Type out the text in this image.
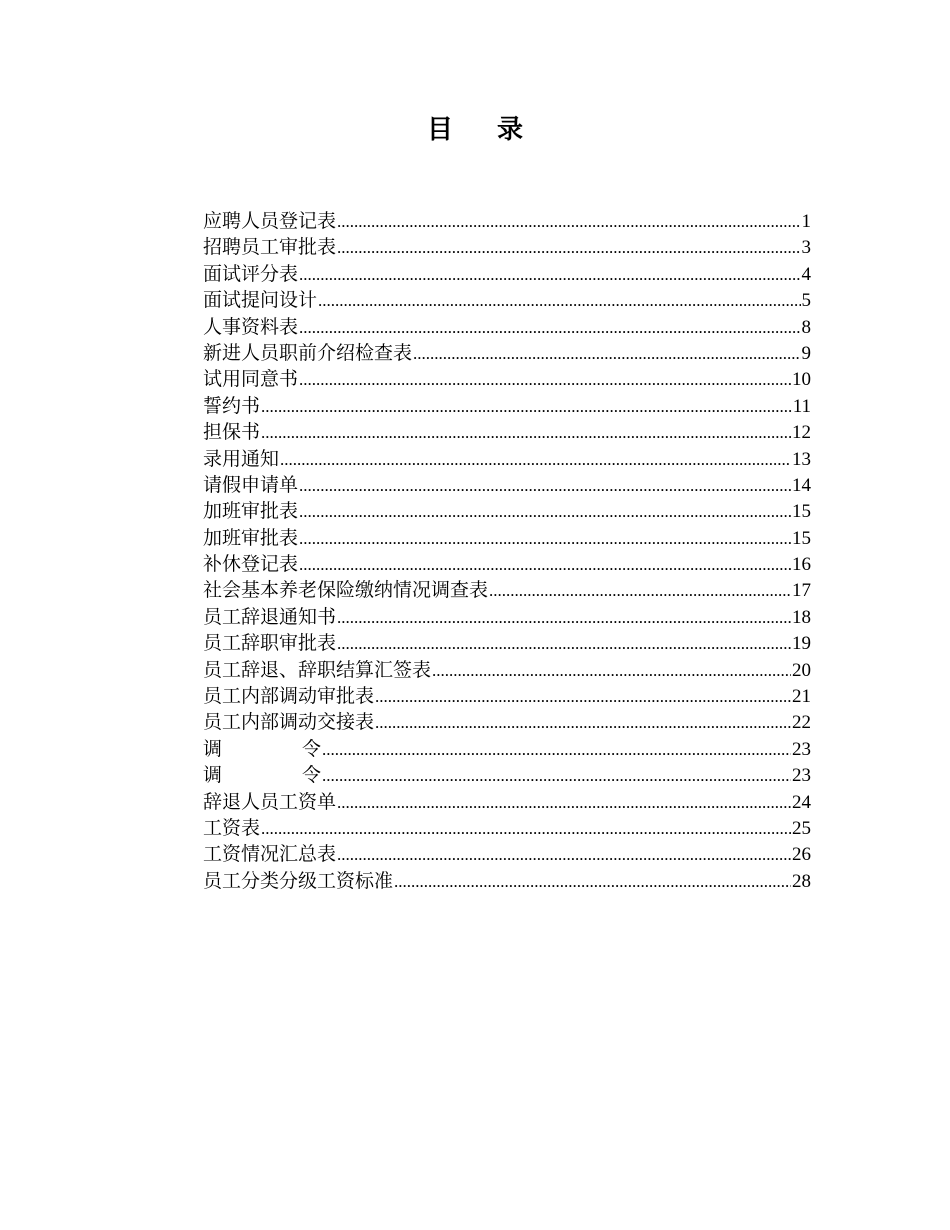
目 录
应聘人员登记表 .....	1
招聘员工审批表 .....	3
面试评分表 .....	4
面试提问设计 .....	5
人事资料表 .....	8
新进人员职前介绍检查表 .....	9
试用同意书 .....	10
誓约书 .....	11
担保书 .....	12
录用通知 .....	13
请假申请单 .....	14
加班审批表 .....	15
加班审批表 .....	15
补休登记表 .....	16
社会基本养老保险缴纳情况调查表 .....	17
员工辞退通知书 .....	18
员工辞职审批表 .....	19
员工辞退、辞职结算汇签表 .....	20
员工内部调动审批表 .....	21
员工内部调动交接表 .....	22
调	令 .....	23
调	令 .....	23
辞退人员工资单 .....	24
工资表 .....	25
工资情况汇总表 .....	26
员工分类分级工资标准 .....	28
